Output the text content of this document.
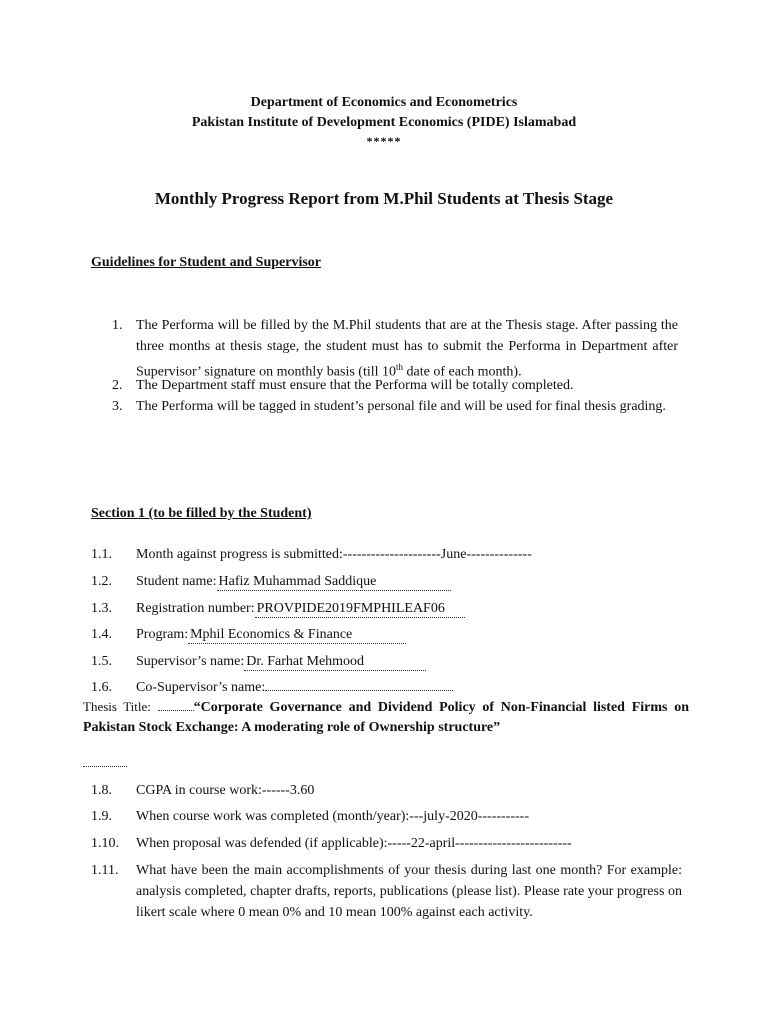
Department of Economics and Econometrics
Pakistan Institute of Development Economics (PIDE) Islamabad
*****
Monthly Progress Report from M.Phil Students at Thesis Stage
Guidelines for Student and Supervisor
1. The Performa will be filled by the M.Phil students that are at the Thesis stage. After passing the three months at thesis stage, the student must has to submit the Performa in Department after Supervisor’ signature on monthly basis (till 10th date of each month).
2. The Department staff must ensure that the Performa will be totally completed.
3. The Performa will be tagged in student’s personal file and will be used for final thesis grading.
Section 1 (to be filled by the Student)
1.1.	Month against progress is submitted:---------------------June--------------
1.2.	Student name:Hafiz Muhammad Saddique
1.3.	Registration number:PROVPIDE2019FMPHILEAF06
1.4.	Program:Mphil Economics & Finance
1.5.	Supervisor’s name:Dr. Farhat Mehmood
1.6.	Co-Supervisor’s name:
Thesis Title:	“Corporate Governance and Dividend Policy of Non-Financial listed Firms on Pakistan Stock Exchange: A moderating role of Ownership structure”
1.8.	CGPA in course work:------3.60
1.9.	When course work was completed (month/year):---july-2020-----------
1.10.	When proposal was defended (if applicable):-----22-april-------------------------
1.11. What have been the main accomplishments of your thesis during last one month? For example: analysis completed, chapter drafts, reports, publications (please list). Please rate your progress on likert scale where 0 mean 0% and 10 mean 100% against each activity.
